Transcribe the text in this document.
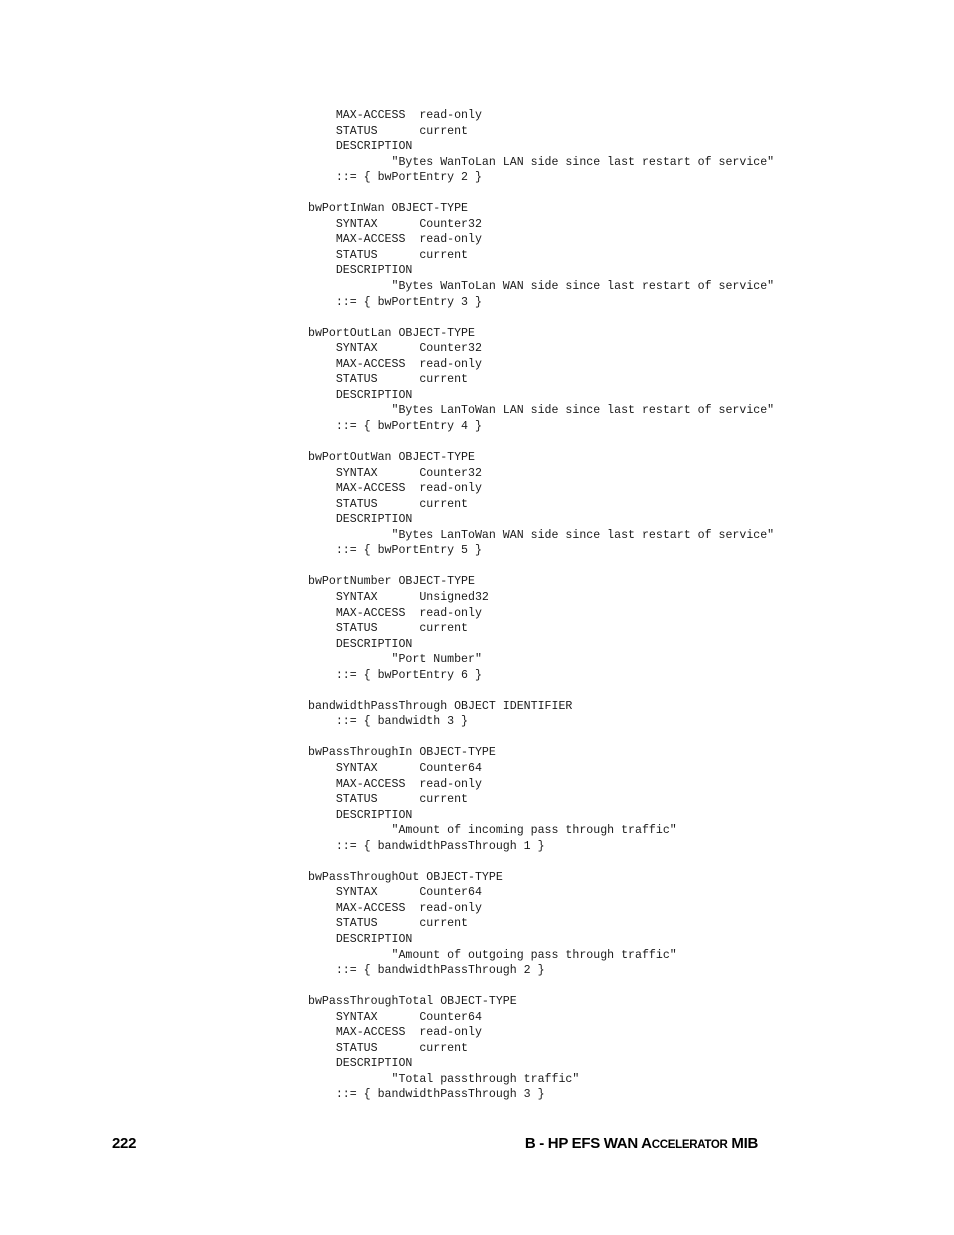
MAX-ACCESS  read-only
STATUS      current
DESCRIPTION
"Bytes WanToLan LAN side since last restart of service"
::= { bwPortEntry 2 }
bwPortInWan OBJECT-TYPE
SYNTAX      Counter32
MAX-ACCESS  read-only
STATUS      current
DESCRIPTION
"Bytes WanToLan WAN side since last restart of service"
::= { bwPortEntry 3 }
bwPortOutLan OBJECT-TYPE
SYNTAX      Counter32
MAX-ACCESS  read-only
STATUS      current
DESCRIPTION
"Bytes LanToWan LAN side since last restart of service"
::= { bwPortEntry 4 }
bwPortOutWan OBJECT-TYPE
SYNTAX      Counter32
MAX-ACCESS  read-only
STATUS      current
DESCRIPTION
"Bytes LanToWan WAN side since last restart of service"
::= { bwPortEntry 5 }
bwPortNumber OBJECT-TYPE
SYNTAX      Unsigned32
MAX-ACCESS  read-only
STATUS      current
DESCRIPTION
"Port Number"
::= { bwPortEntry 6 }
bandwidthPassThrough OBJECT IDENTIFIER
::= { bandwidth 3 }
bwPassThroughIn OBJECT-TYPE
SYNTAX      Counter64
MAX-ACCESS  read-only
STATUS      current
DESCRIPTION
"Amount of incoming pass through traffic"
::= { bandwidthPassThrough 1 }
bwPassThroughOut OBJECT-TYPE
SYNTAX      Counter64
MAX-ACCESS  read-only
STATUS      current
DESCRIPTION
"Amount of outgoing pass through traffic"
::= { bandwidthPassThrough 2 }
bwPassThroughTotal OBJECT-TYPE
SYNTAX      Counter64
MAX-ACCESS  read-only
STATUS      current
DESCRIPTION
"Total passthrough traffic"
::= { bandwidthPassThrough 3 }
222	B - HP EFS WAN ACCELERATOR MIB
